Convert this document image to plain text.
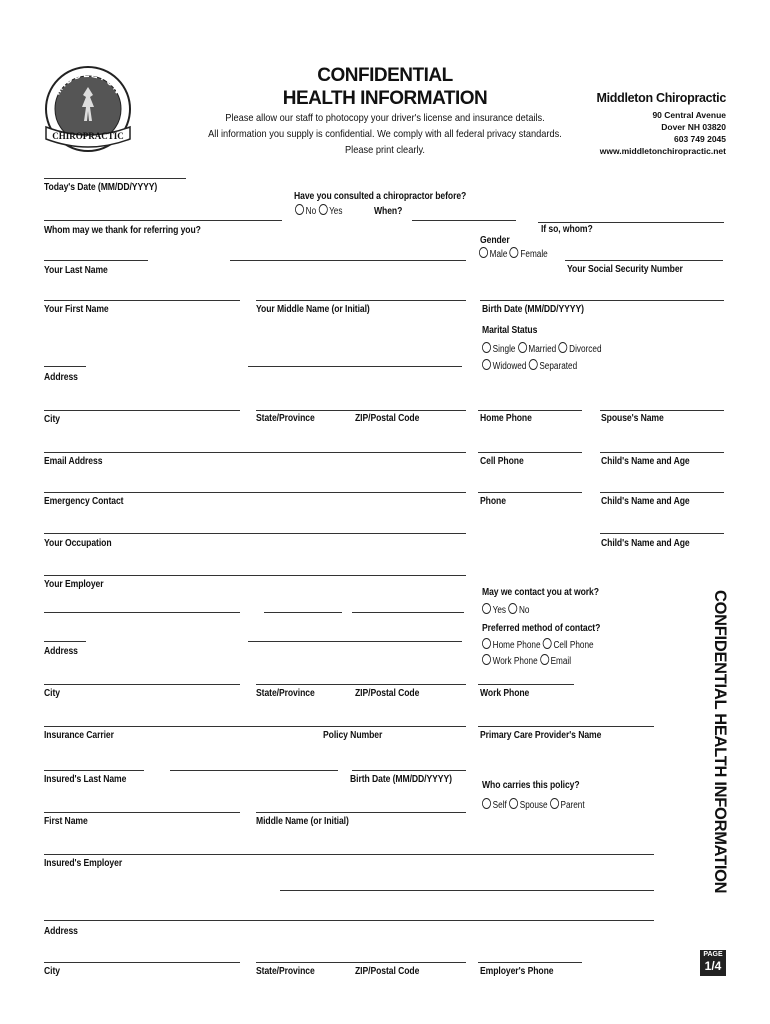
MIDDLETON
CHIROPRACTIC
CONFIDENTIAL
HEALTH INFORMATION
Please allow our staff to photocopy your driver's license and insurance details.
All information you supply is confidential. We comply with all federal privacy standards.
Please print clearly.
Middleton Chiropractic
90 Central Avenue
Dover NH 03820
603 749 2045
www.middletonchiropractic.net
Today's Date (MM/DD/YYYY)
Have you consulted a chiropractor before?
No Yes	When?
Whom may we thank for referring you?	If so, whom?
Gender
Male Female
Your Last Name	Your Social Security Number
Your First Name	Your Middle Name (or Initial)	Birth Date (MM/DD/YYYY)
Marital Status
Single Married Divorced
Widowed Separated
Address
City	State/Province	ZIP/Postal Code	Home Phone	Spouse's Name
Email Address	Cell Phone	Child's Name and Age
Emergency Contact	Phone	Child's Name and Age
Your Occupation	Child's Name and Age
Your Employer
May we contact you at work?
Yes No
Preferred method of contact?
Home Phone Cell Phone
Work Phone Email
Address
City	State/Province	ZIP/Postal Code	Work Phone
Insurance Carrier	Policy Number	Primary Care Provider's Name
Insured's Last Name	Birth Date (MM/DD/YYYY)	Who carries this policy?
Self Spouse Parent
First Name	Middle Name (or Initial)
Insured's Employer
Address
City	State/Province	ZIP/Postal Code	Employer's Phone
CONFIDENTIAL HEALTH INFORMATION
PAGE
1/4
